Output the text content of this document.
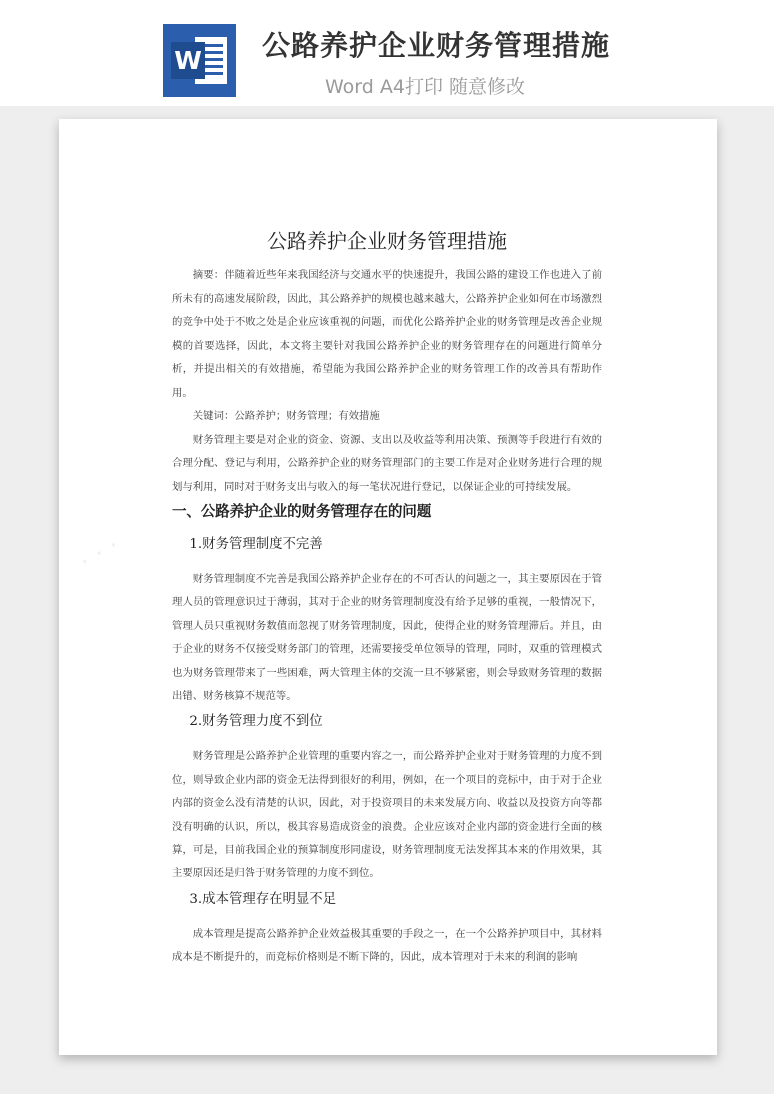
W 公路养护企业财务管理措施
Word A4打印 随意修改
· · ·
公路养护企业财务管理措施

摘要：伴随着近些年来我国经济与交通水平的快速提升，我国公路的建设工作也进入了前所未有的高速发展阶段，因此，其公路养护的规模也越来越大，公路养护企业如何在市场激烈的竞争中处于不败之处是企业应该重视的问题，而优化公路养护企业的财务管理是改善企业规模的首要选择，因此，本文将主要针对我国公路养护企业的财务管理存在的问题进行简单分析，并提出相关的有效措施，希望能为我国公路养护企业的财务管理工作的改善具有帮助作用。

关键词：公路养护；财务管理；有效措施

财务管理主要是对企业的资金、资源、支出以及收益等利用决策、预测等手段进行有效的合理分配、登记与利用，公路养护企业的财务管理部门的主要工作是对企业财务进行合理的规划与利用，同时对于财务支出与收入的每一笔状况进行登记，以保证企业的可持续发展。

一、公路养护企业的财务管理存在的问题
1.财务管理制度不完善

财务管理制度不完善是我国公路养护企业存在的不可否认的问题之一，其主要原因在于管理人员的管理意识过于薄弱，其对于企业的财务管理制度没有给予足够的重视，一般情况下，管理人员只重视财务数值而忽视了财务管理制度，因此，使得企业的财务管理滞后。并且，由于企业的财务不仅接受财务部门的管理，还需要接受单位领导的管理，同时，双重的管理模式也为财务管理带来了一些困难，两大管理主体的交流一旦不够紧密，则会导致财务管理的数据出错、财务核算不规范等。

2.财务管理力度不到位

财务管理是公路养护企业管理的重要内容之一，而公路养护企业对于财务管理的力度不到位，则导致企业内部的资金无法得到很好的利用，例如，在一个项目的竞标中，由于对于企业内部的资金么没有清楚的认识，因此，对于投资项目的未来发展方向、收益以及投资方向等都没有明确的认识，所以，极其容易造成资金的浪费。企业应该对企业内部的资金进行全面的核算，可是，目前我国企业的预算制度形同虚设，财务管理制度无法发挥其本来的作用效果，其主要原因还是归咎于财务管理的力度不到位。

3.成本管理存在明显不足

成本管理是提高公路养护企业效益极其重要的手段之一，在一个公路养护项目中，其材料成本是不断提升的，而竞标价格则是不断下降的，因此，成本管理对于未来的利润的影响
